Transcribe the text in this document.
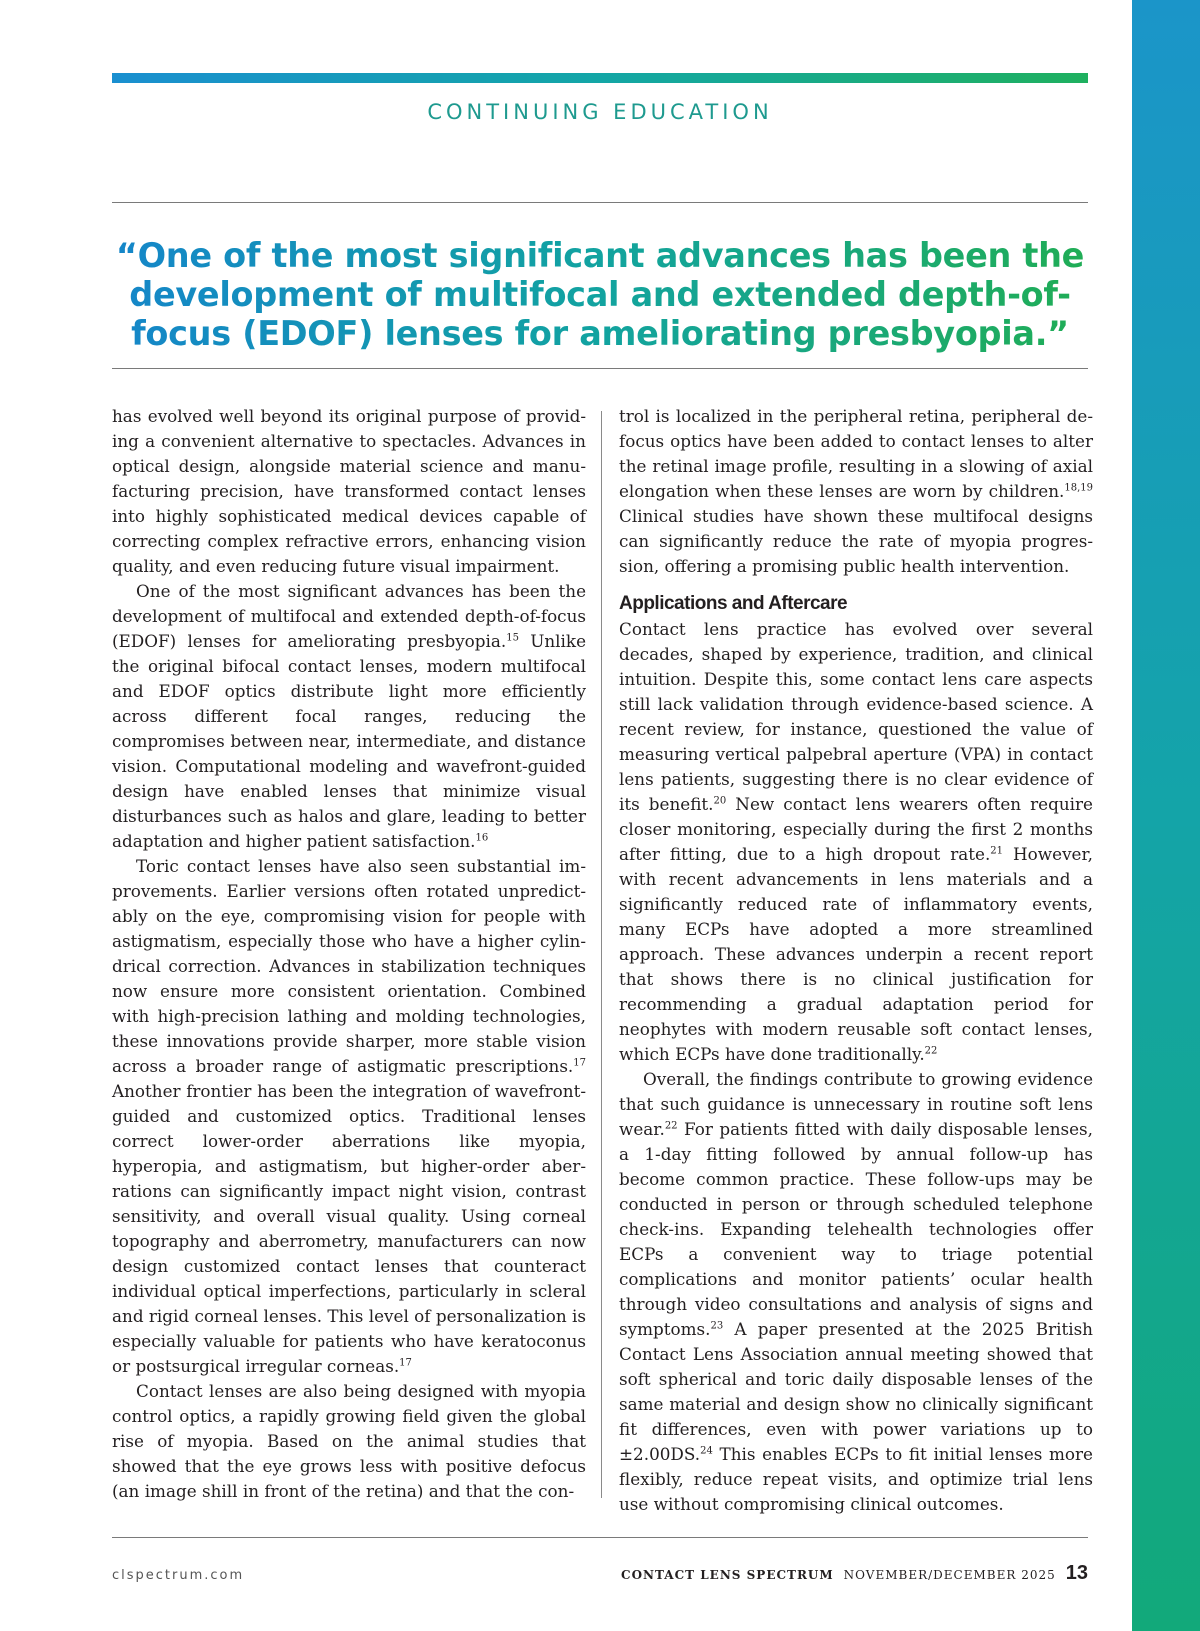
CONTINUING EDUCATION
“One of the most significant advances has been the development of multifocal and extended depth-of-focus (EDOF) lenses for ameliorating presbyopia.”

has evolved well beyond its original purpose of providing a convenient alternative to spectacles. Advances in optical design, alongside material science and manufacturing precision, have transformed contact lenses into highly sophisticated medical devices capable of correcting complex refractive errors, enhancing vision quality, and even reducing future visual impairment.

One of the most significant advances has been the development of multifocal and extended depth-of-focus (EDOF) lenses for ameliorating presbyopia.$^{15}$ Unlike the original bifocal contact lenses, modern multifocal and EDOF optics distribute light more efficiently across different focal ranges, reducing the compromises between near, intermediate, and distance vision. Computational modeling and wavefront-guided design have enabled lenses that minimize visual disturbances such as halos and glare, leading to better adaptation and higher patient satisfaction.$^{16}$

Toric contact lenses have also seen substantial improvements. Earlier versions often rotated unpredictably on the eye, compromising vision for people with astigmatism, especially those who have a higher cylindrical correction. Advances in stabilization techniques now ensure more consistent orientation. Combined with high-precision lathing and molding technologies, these innovations provide sharper, more stable vision across a broader range of astigmatic prescriptions.$^{17}$ Another frontier has been the integration of wavefront-guided and customized optics. Traditional lenses correct lower-order aberrations like myopia, hyperopia, and astigmatism, but higher-order aberrations can significantly impact night vision, contrast sensitivity, and overall visual quality. Using corneal topography and aberrometry, manufacturers can now design customized contact lenses that counteract individual optical imperfections, particularly in scleral and rigid corneal lenses. This level of personalization is especially valuable for patients who have keratoconus or postsurgical irregular corneas.$^{17}$

Contact lenses are also being designed with myopia control optics, a rapidly growing field given the global rise of myopia. Based on the animal studies that showed that the eye grows less with positive defocus (an image shill in front of the retina) and that the con-

trol is localized in the peripheral retina, peripheral defocus optics have been added to contact lenses to alter the retinal image profile, resulting in a slowing of axial elongation when these lenses are worn by children.$^{18,19}$ Clinical studies have shown these multifocal designs can significantly reduce the rate of myopia progression, offering a promising public health intervention.

Applications and Aftercare

Contact lens practice has evolved over several decades, shaped by experience, tradition, and clinical intuition. Despite this, some contact lens care aspects still lack validation through evidence-based science. A recent review, for instance, questioned the value of measuring vertical palpebral aperture (VPA) in contact lens patients, suggesting there is no clear evidence of its benefit.$^{20}$ New contact lens wearers often require closer monitoring, especially during the first 2 months after fitting, due to a high dropout rate.$^{21}$ However, with recent advancements in lens materials and a significantly reduced rate of inflammatory events, many ECPs have adopted a more streamlined approach. These advances underpin a recent report that shows there is no clinical justification for recommending a gradual adaptation period for neophytes with modern reusable soft contact lenses, which ECPs have done traditionally.$^{22}$

Overall, the findings contribute to growing evidence that such guidance is unnecessary in routine soft lens wear.$^{22}$ For patients fitted with daily disposable lenses, a 1-day fitting followed by annual follow-up has become common practice. These follow-ups may be conducted in person or through scheduled telephone check-ins. Expanding telehealth technologies offer ECPs a convenient way to triage potential complications and monitor patients’ ocular health through video consultations and analysis of signs and symptoms.$^{23}$ A paper presented at the 2025 British Contact Lens Association annual meeting showed that soft spherical and toric daily disposable lenses of the same material and design show no clinically significant fit differences, even with power variations up to ±2.00DS.$^{24}$ This enables ECPs to fit initial lenses more flexibly, reduce repeat visits, and optimize trial lens use without compromising clinical outcomes.

clspectrum.com	CONTACT LENS SPECTRUM NOVEMBER/DECEMBER 2025 13
